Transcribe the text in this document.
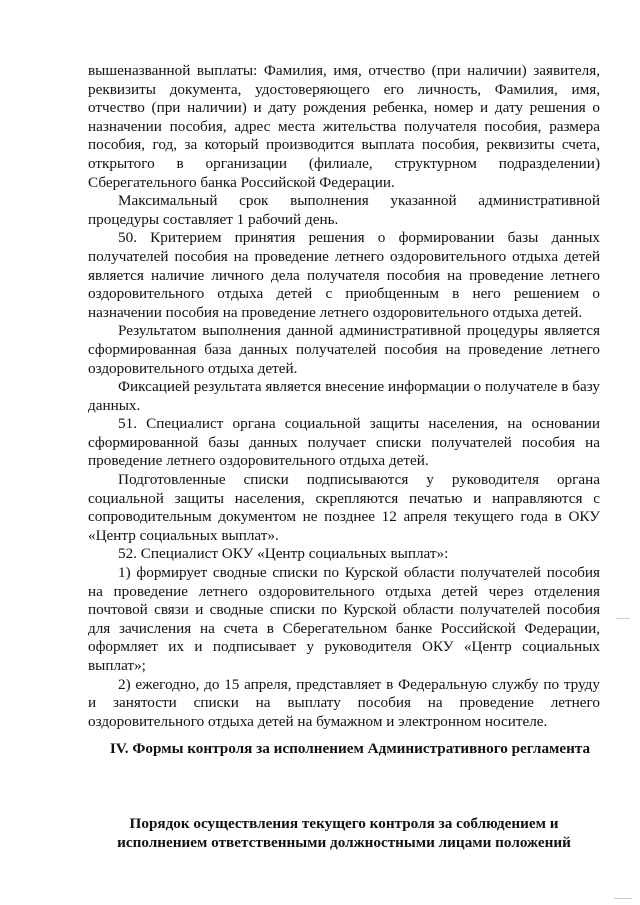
вышеназванной выплаты: Фамилия, имя, отчество (при наличии) заявителя, реквизиты документа, удостоверяющего его личность, Фамилия, имя, отчество (при наличии) и дату рождения ребенка, номер и дату решения о назначении пособия, адрес места жительства получателя пособия, размера пособия, год, за который производится выплата пособия, реквизиты счета, открытого в организации (филиале, структурном подразделении) Сберегательного банка Российской Федерации.

Максимальный срок выполнения указанной административной процедуры составляет 1 рабочий день.

50. Критерием принятия решения о формировании базы данных получателей пособия на проведение летнего оздоровительного отдыха детей является наличие личного дела получателя пособия на проведение летнего оздоровительного отдыха детей с приобщенным в него решением о назначении пособия на проведение летнего оздоровительного отдыха детей.

Результатом выполнения данной административной процедуры является сформированная база данных получателей пособия на проведение летнего оздоровительного отдыха детей.

Фиксацией результата является внесение информации о получателе в базу данных.

51. Специалист органа социальной защиты населения, на основании сформированной базы данных получает списки получателей пособия на проведение летнего оздоровительного отдыха детей.

Подготовленные списки подписываются у руководителя органа социальной защиты населения, скрепляются печатью и направляются с сопроводительным документом не позднее 12 апреля текущего года в ОКУ «Центр социальных выплат».

52. Специалист ОКУ «Центр социальных выплат»:

1) формирует сводные списки по Курской области получателей пособия на проведение летнего оздоровительного отдыха детей через отделения почтовой связи и сводные списки по Курской области получателей пособия для зачисления на счета в Сберегательном банке Российской Федерации, оформляет их и подписывает у руководителя ОКУ «Центр социальных выплат»;

2) ежегодно, до 15 апреля, представляет в Федеральную службу по труду и занятости списки на выплату пособия на проведение летнего оздоровительного отдыха детей на бумажном и электронном носителе.

IV. Формы контроля за исполнением Административного регламента

Порядок осуществления текущего контроля за соблюдением и исполнением ответственными должностными лицами положений
